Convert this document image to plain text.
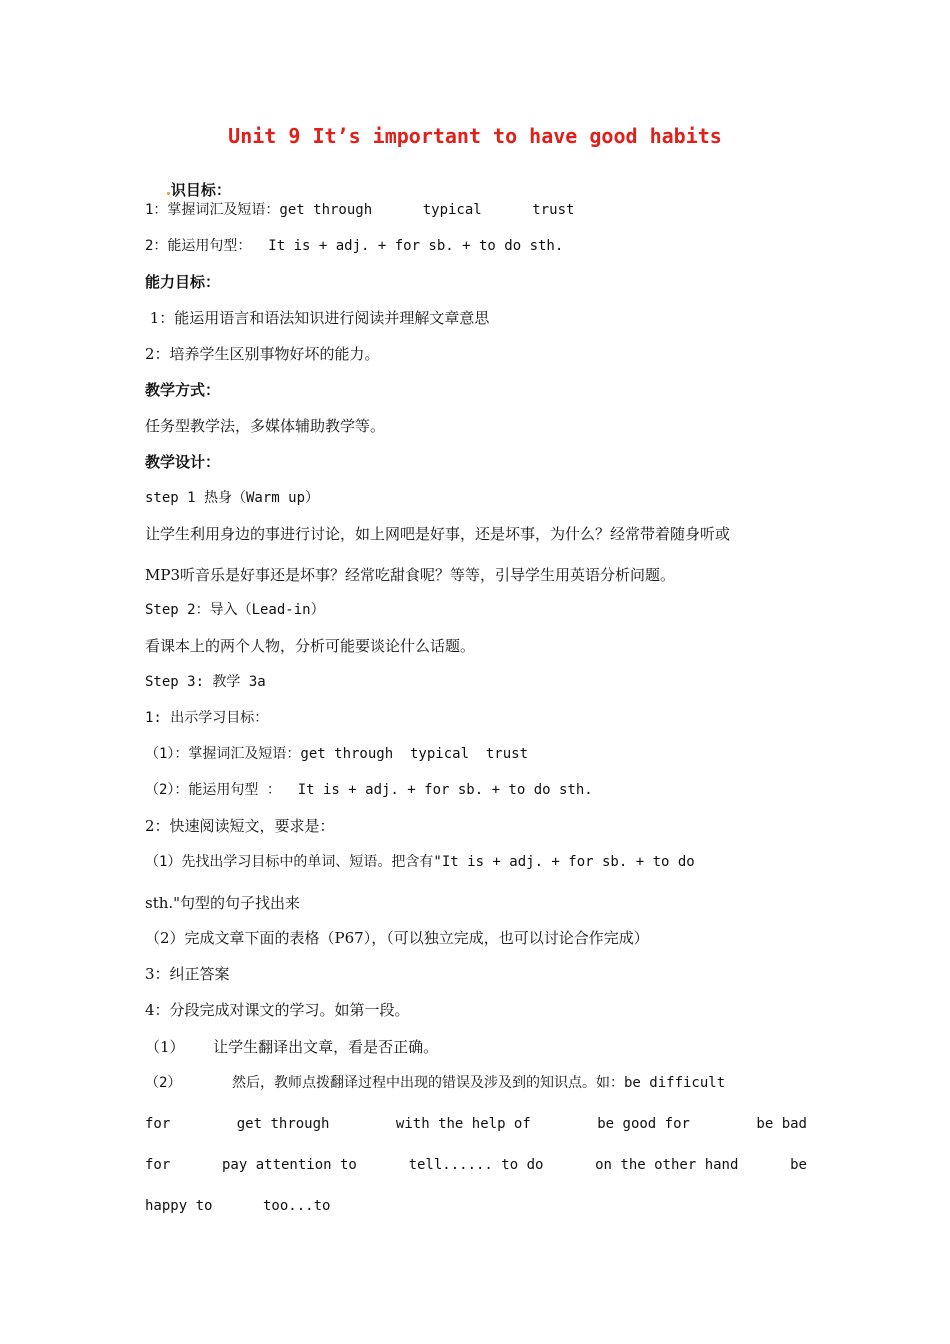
Unit 9 It’s important to have good habits

识目标：

1：掌握词汇及短语：get through      typical      trust
2：能运用句型：  It is + adj. + for sb. + to do sth.
能力目标：
1：能运用语言和语法知识进行阅读并理解文章意思
2：培养学生区别事物好坏的能力。
教学方式：
任务型教学法，多媒体辅助教学等。
教学设计：
step 1 热身（Warm up）
让学生利用身边的事进行讨论，如上网吧是好事，还是坏事，为什么？经常带着随身听或
MP3听音乐是好事还是坏事？经常吃甜食呢？等等，引导学生用英语分析问题。
Step 2：导入（Lead-in）
看课本上的两个人物，分析可能要谈论什么话题。
Step 3: 教学 3a
1: 出示学习目标：
（1）：掌握词汇及短语：get through  typical  trust
（2）：能运用句型 ：  It is + adj. + for sb. + to do sth.
2：快速阅读短文，要求是：
（1）先找出学习目标中的单词、短语。把含有"It is + adj. + for sb. + to do
sth."句型的句子找出来
（2）完成文章下面的表格（P67），（可以独立完成，也可以讨论合作完成）
3：纠正答案
4：分段完成对课文的学习。如第一段。
（1）      让学生翻译出文章，看是否正确。
（2）      然后，教师点拨翻译过程中出现的错误及涉及到的知识点。如：be difficult
for	get through	with the help of	be good for	be bad
for	pay attention to	tell...... to do	on the other hand	be
happy to      too...to
